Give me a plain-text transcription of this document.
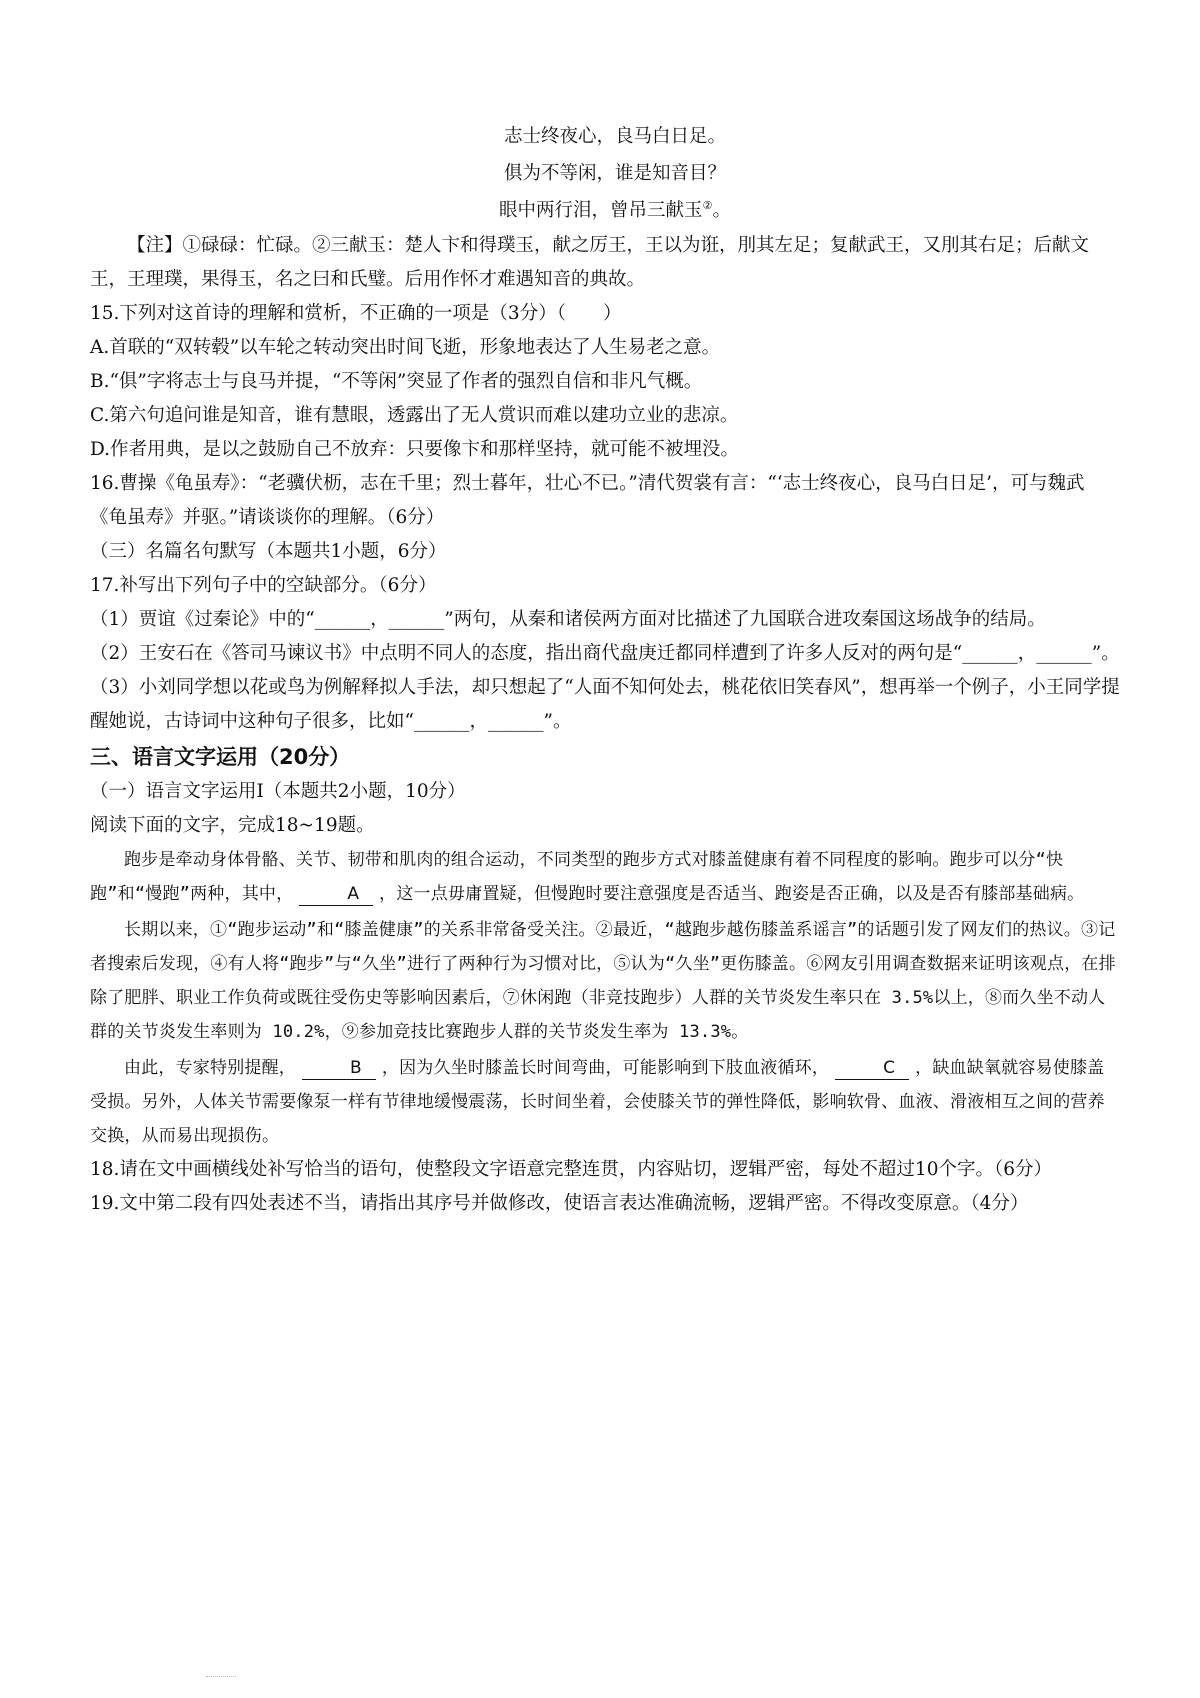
志士终夜心，良马白日足。
俱为不等闲，谁是知音目？
眼中两行泪，曾吊三献玉②。

【注】①碌碌：忙碌。②三献玉：楚人卞和得璞玉，献之厉王，王以为诳，刖其左足；复献武王，又刖其右足；后献文王，王理璞，果得玉，名之曰和氏璧。后用作怀才难遇知音的典故。

15.下列对这首诗的理解和赏析，不正确的一项是（3分）（　　）

A.首联的“双转毂”以车轮之转动突出时间飞逝，形象地表达了人生易老之意。

B.“俱”字将志士与良马并提，“不等闲”突显了作者的强烈自信和非凡气概。

C.第六句追问谁是知音，谁有慧眼，透露出了无人赏识而难以建功立业的悲凉。

D.作者用典，是以之鼓励自己不放弃：只要像卞和那样坚持，就可能不被埋没。

16.曹操《龟虽寿》：“老骥伏枥，志在千里；烈士暮年，壮心不已。”清代贺裳有言：“‘志士终夜心，良马白日足’，可与魏武《龟虽寿》并驱。”请谈谈你的理解。（6分）

（三）名篇名句默写（本题共1小题，6分）

17.补写出下列句子中的空缺部分。（6分）

（1）贾谊《过秦论》中的“______，______”两句，从秦和诸侯两方面对比描述了九国联合进攻秦国这场战争的结局。

（2）王安石在《答司马谏议书》中点明不同人的态度，指出商代盘庚迁都同样遭到了许多人反对的两句是“______，______”。

（3）小刘同学想以花或鸟为例解释拟人手法，却只想起了“人面不知何处去，桃花依旧笑春风”，想再举一个例子，小王同学提醒她说，古诗词中这种句子很多，比如“______，______”。

三、语言文字运用（20分）

（一）语言文字运用Ⅰ（本题共2小题，10分）

阅读下面的文字，完成18~19题。

跑步是牵动身体骨骼、关节、韧带和肌肉的组合运动，不同类型的跑步方式对膝盖健康有着不同程度的影响。跑步可以分“快跑”和“慢跑”两种，其中，	A ，这一点毋庸置疑，但慢跑时要注意强度是否适当、跑姿是否正确，以及是否有膝部基础病。

长期以来，①“跑步运动”和“膝盖健康”的关系非常备受关注。②最近，“越跑步越伤膝盖系谣言”的话题引发了网友们的热议。③记者搜索后发现，④有人将“跑步”与“久坐”进行了两种行为习惯对比，⑤认为“久坐”更伤膝盖。⑥网友引用调查数据来证明该观点，在排除了肥胖、职业工作负荷或既往受伤史等影响因素后，⑦休闲跑（非竞技跑步）人群的关节炎发生率只在 3.5%以上，⑧而久坐不动人群的关节炎发生率则为 10.2%，⑨参加竞技比赛跑步人群的关节炎发生率为 13.3%。

由此，专家特别提醒，	B ，因为久坐时膝盖长时间弯曲，可能影响到下肢血液循环，	C ，缺血缺氧就容易使膝盖受损。另外，人体关节需要像泵一样有节律地缓慢震荡，长时间坐着，会使膝关节的弹性降低，影响软骨、血液、滑液相互之间的营养交换，从而易出现损伤。

18.请在文中画横线处补写恰当的语句，使整段文字语意完整连贯，内容贴切，逻辑严密，每处不超过10个字。（6分）

19.文中第二段有四处表述不当，请指出其序号并做修改，使语言表达准确流畅，逻辑严密。不得改变原意。（4分）
